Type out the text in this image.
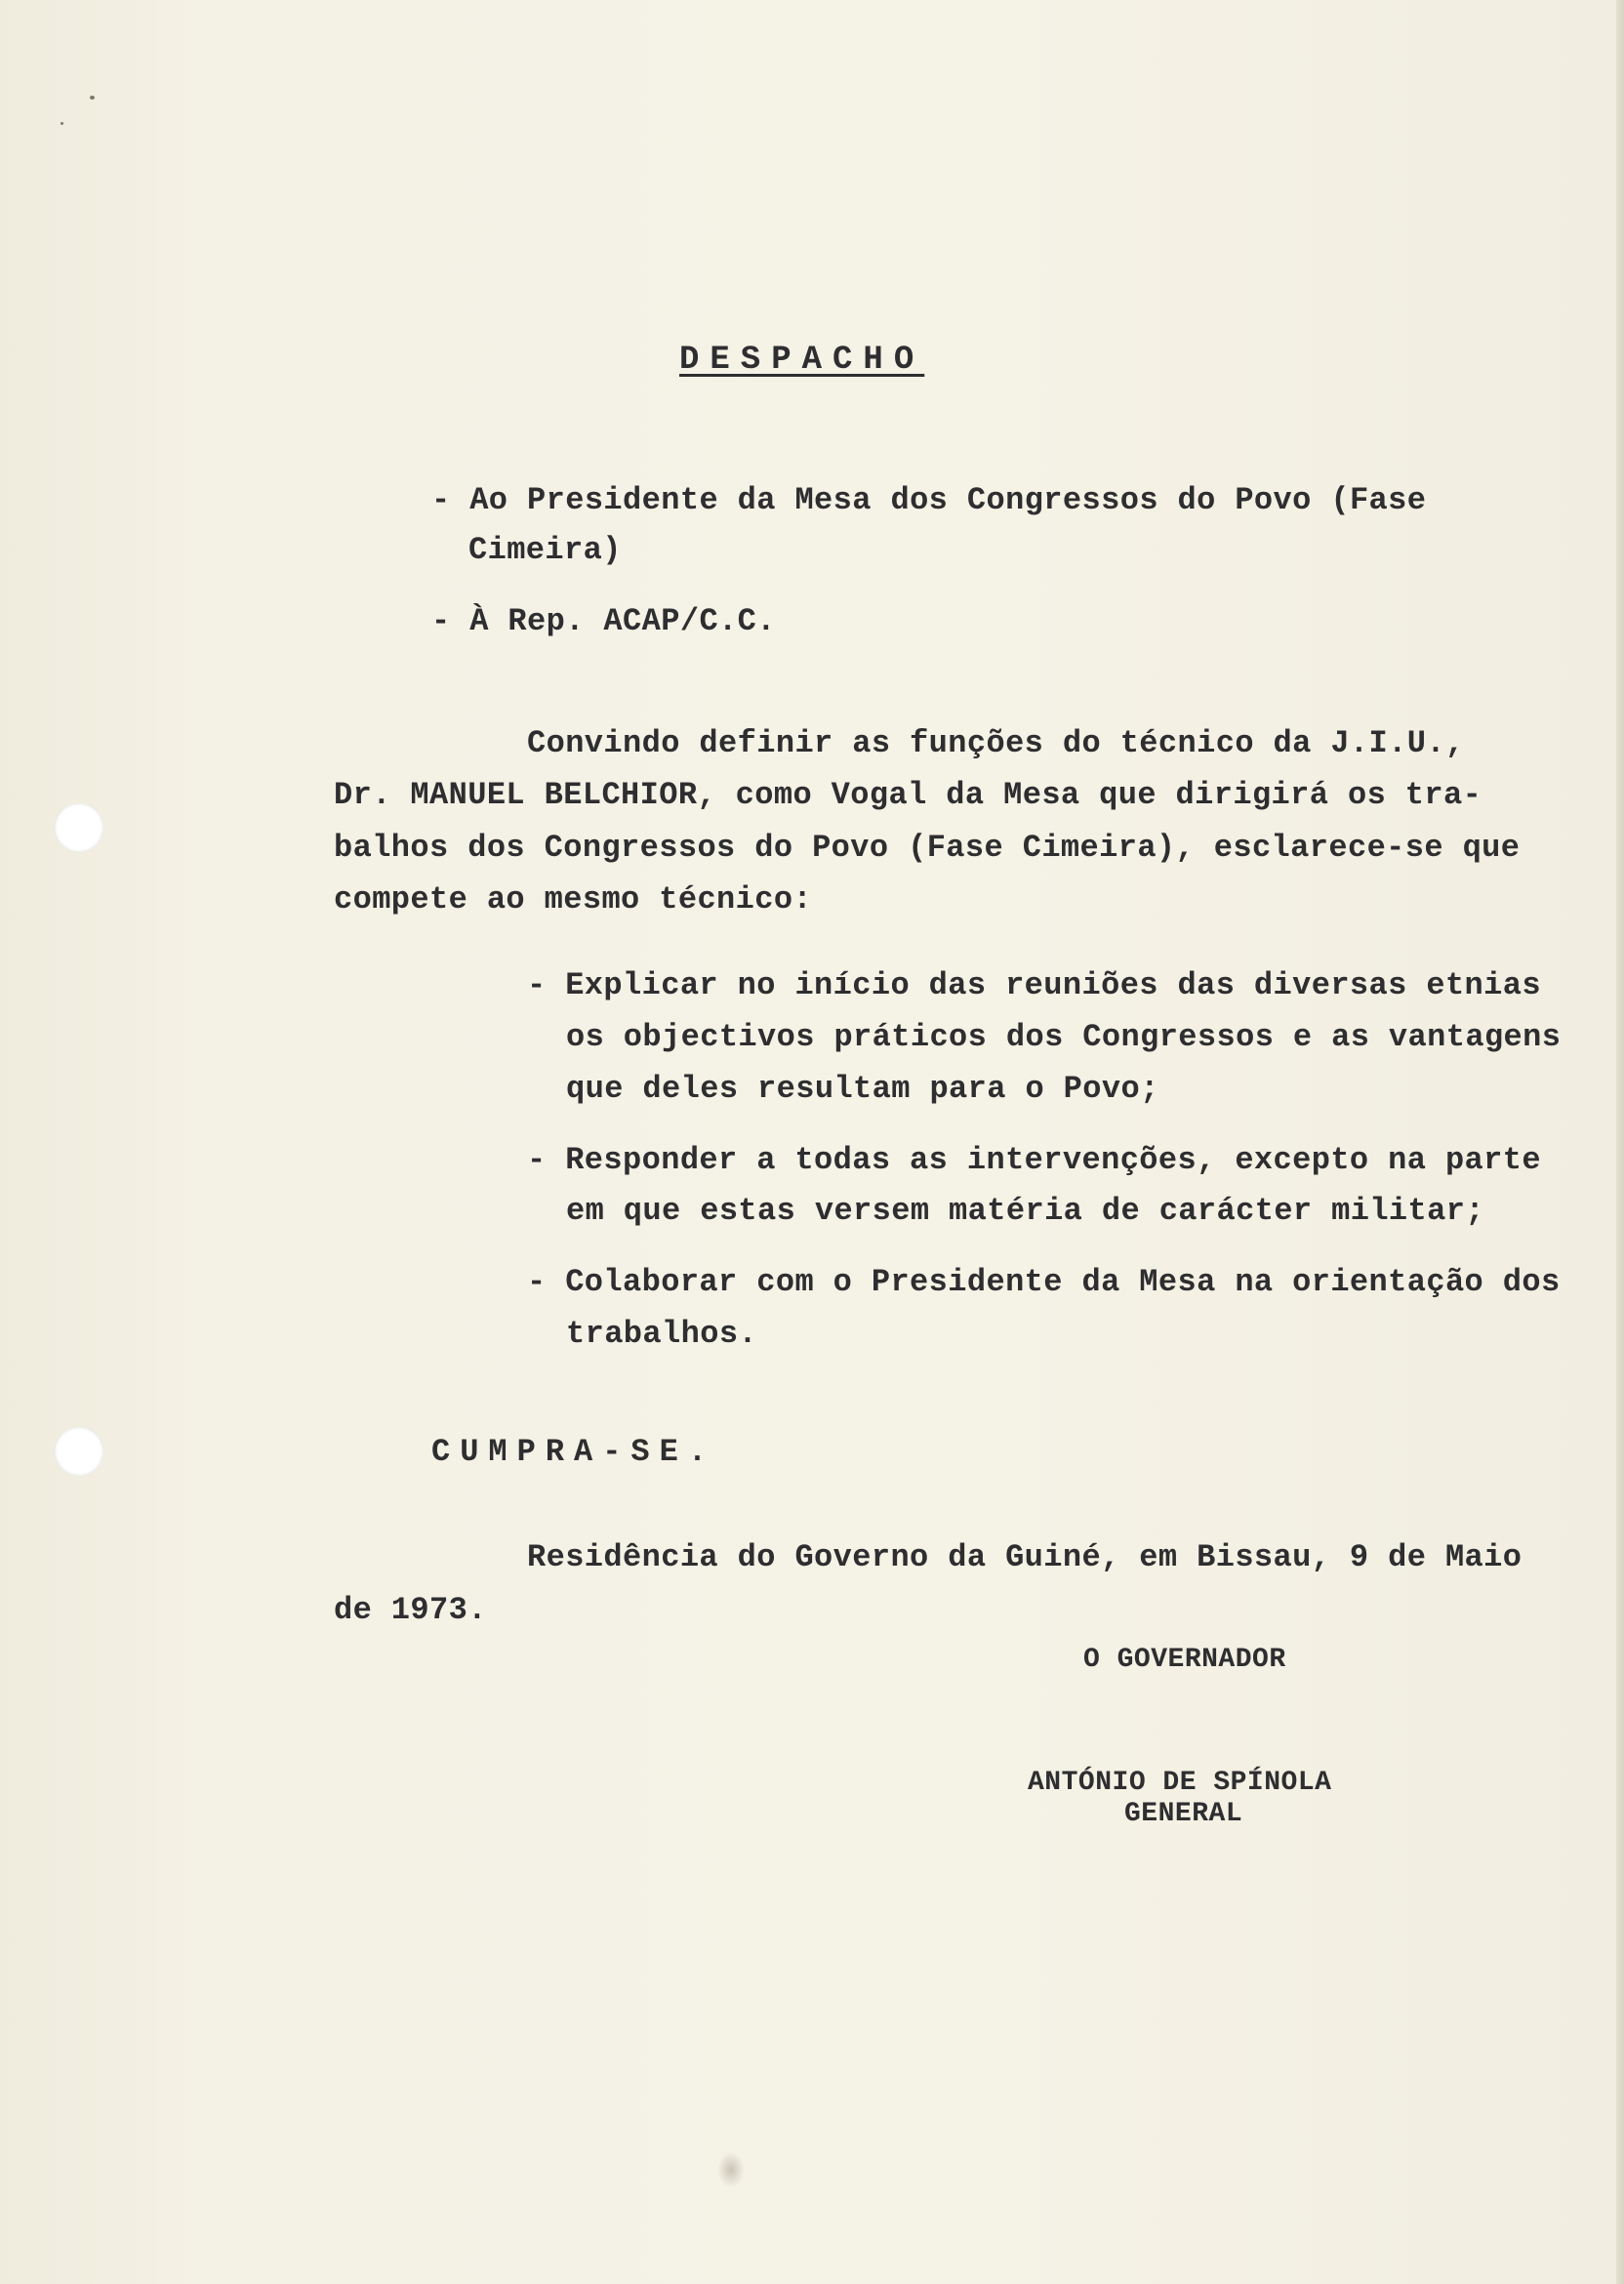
DESPACHO
- Ao Presidente da Mesa dos Congressos do Povo (Fase
Cimeira)
- À Rep. ACAP/C.C.
Convindo definir as funções do técnico da J.I.U.,
Dr. MANUEL BELCHIOR, como Vogal da Mesa que dirigirá os tra-
balhos dos Congressos do Povo (Fase Cimeira), esclarece-se que
compete ao mesmo técnico:
- Explicar no início das reuniões das diversas etnias
os objectivos práticos dos Congressos e as vantagens
que deles resultam para o Povo;
- Responder a todas as intervenções, excepto na parte
em que estas versem matéria de carácter militar;
- Colaborar com o Presidente da Mesa na orientação dos
trabalhos.
CUMPRA-SE.
Residência do Governo da Guiné, em Bissau, 9 de Maio
de 1973.
O GOVERNADOR
ANTÓNIO DE SPÍNOLA
GENERAL
